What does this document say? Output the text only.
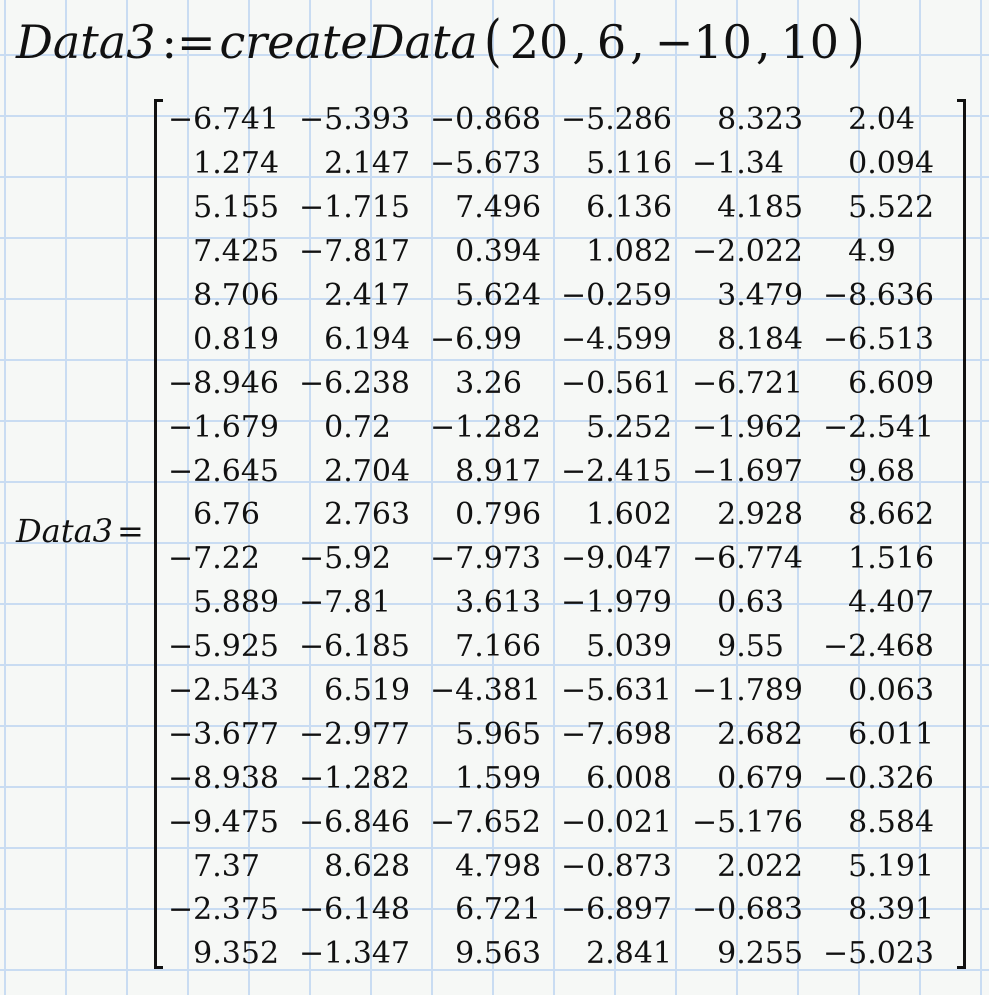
Data3 := createData ( 20 , 6 , −10 , 10 )
Data3 =
−6.741	−5.393	−0.868	−5.286	8.323	2.04
1.274	2.147	−5.673	5.116	−1.34	0.094
5.155	−1.715	7.496	6.136	4.185	5.522
7.425	−7.817	0.394	1.082	−2.022	4.9
8.706	2.417	5.624	−0.259	3.479	−8.636
0.819	6.194	−6.99	−4.599	8.184	−6.513
−8.946	−6.238	3.26	−0.561	−6.721	6.609
−1.679	0.72	−1.282	5.252	−1.962	−2.541
−2.645	2.704	8.917	−2.415	−1.697	9.68
6.76	2.763	0.796	1.602	2.928	8.662
−7.22	−5.92	−7.973	−9.047	−6.774	1.516
5.889	−7.81	3.613	−1.979	0.63	4.407
−5.925	−6.185	7.166	5.039	9.55	−2.468
−2.543	6.519	−4.381	−5.631	−1.789	0.063
−3.677	−2.977	5.965	−7.698	2.682	6.011
−8.938	−1.282	1.599	6.008	0.679	−0.326
−9.475	−6.846	−7.652	−0.021	−5.176	8.584
7.37	8.628	4.798	−0.873	2.022	5.191
−2.375	−6.148	6.721	−6.897	−0.683	8.391
9.352	−1.347	9.563	2.841	9.255	−5.023
